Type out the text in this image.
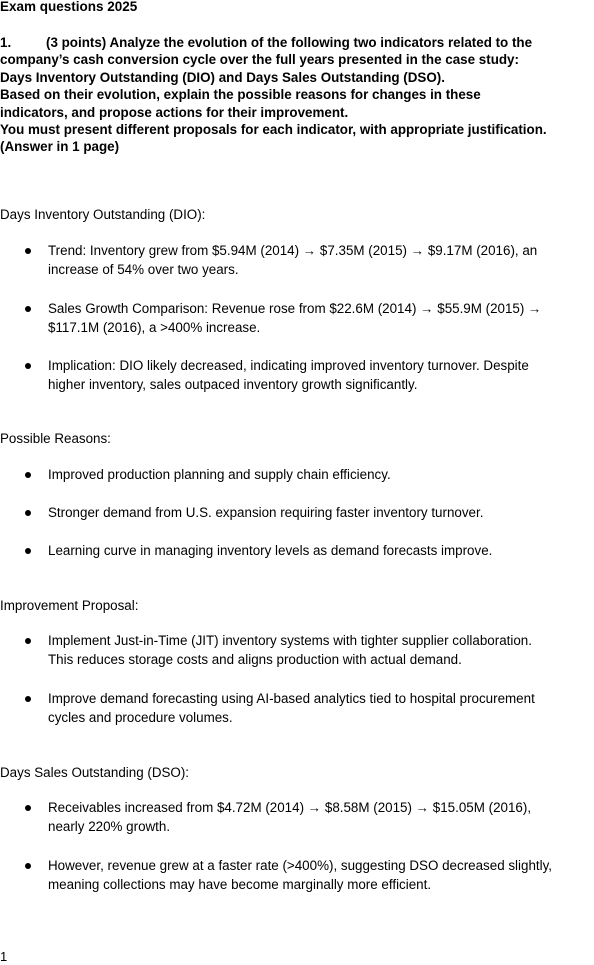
Exam questions 2025

1.	(3 points) Analyze the evolution of the following two indicators related to the

company’s cash conversion cycle over the full years presented in the case study:

Days Inventory Outstanding (DIO) and Days Sales Outstanding (DSO).

Based on their evolution, explain the possible reasons for changes in these

indicators, and propose actions for their improvement.

You must present different proposals for each indicator, with appropriate justification.

(Answer in 1 page)

Days Inventory Outstanding (DIO):
Trend: Inventory grew from $5.94M (2014) → $7.35M (2015) → $9.17M (2016), an
increase of 54% over two years.
Sales Growth Comparison: Revenue rose from $22.6M (2014) → $55.9M (2015) →
$117.1M (2016), a >400% increase.
Implication: DIO likely decreased, indicating improved inventory turnover. Despite
higher inventory, sales outpaced inventory growth significantly.
Possible Reasons:
Improved production planning and supply chain efficiency.
Stronger demand from U.S. expansion requiring faster inventory turnover.
Learning curve in managing inventory levels as demand forecasts improve.
Improvement Proposal:
Implement Just-in-Time (JIT) inventory systems with tighter supplier collaboration.
This reduces storage costs and aligns production with actual demand.
Improve demand forecasting using AI-based analytics tied to hospital procurement
cycles and procedure volumes.
Days Sales Outstanding (DSO):
Receivables increased from $4.72M (2014) → $8.58M (2015) → $15.05M (2016),
nearly 220% growth.
However, revenue grew at a faster rate (>400%), suggesting DSO decreased slightly,
meaning collections may have become marginally more efficient.
1
